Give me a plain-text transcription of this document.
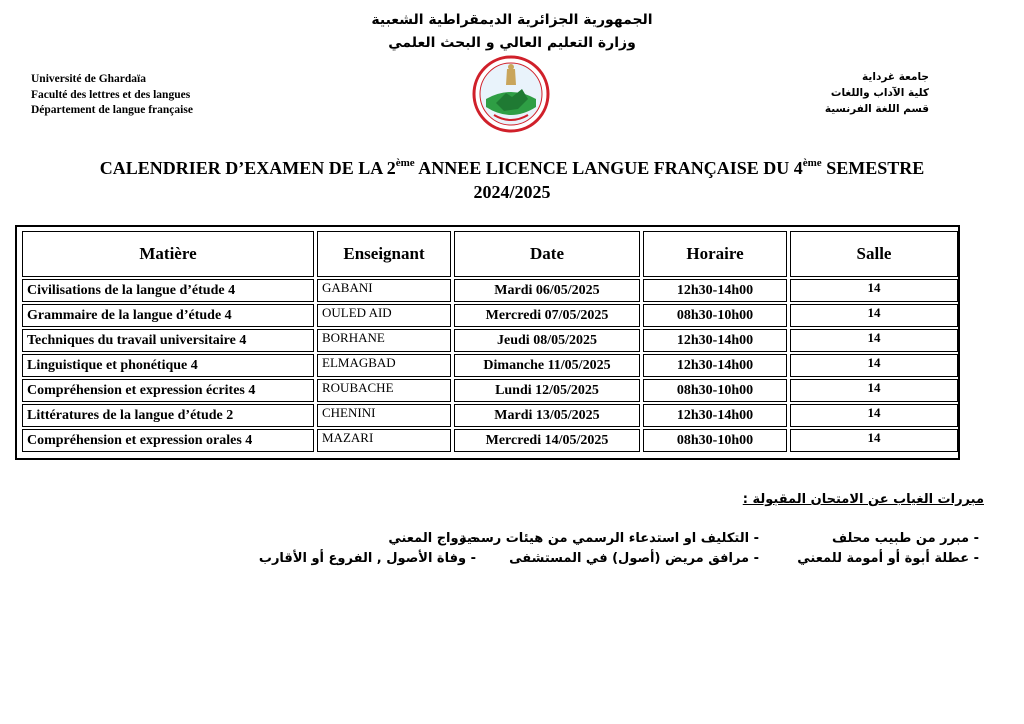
الجمهورية الجزائرية الديمقراطية الشعبية
وزارة التعليم العالي و البحث العلمي
Université de Ghardaïa
Faculté des lettres et des langues
Département de langue française
جامعة غرداية
كلية الآداب واللغات
قسم اللغة الفرنسية
CALENDRIER D’EXAMEN DE LA 2ème ANNEE LICENCE LANGUE FRANÇAISE DU 4ème SEMESTRE
2024/2025
Matière	Enseignant	Date	Horaire	Salle
Civilisations de la langue d’étude 4	GABANI	Mardi 06/05/2025	12h30-14h00	14
Grammaire de la langue d’étude 4	OULED AID	Mercredi 07/05/2025	08h30-10h00	14
Techniques du travail universitaire 4	BORHANE	Jeudi 08/05/2025	12h30-14h00	14
Linguistique et phonétique 4	ELMAGBAD	Dimanche 11/05/2025	12h30-14h00	14
Compréhension et expression écrites 4	ROUBACHE	Lundi 12/05/2025	08h30-10h00	14
Littératures de la langue d’étude 2	CHENINI	Mardi 13/05/2025	12h30-14h00	14
Compréhension et expression orales 4	MAZARI	Mercredi 14/05/2025	08h30-10h00	14
مبررات الغياب عن الامتحان المقبولة :
- مبرر من طبيب محلف
- التكليف او استدعاء الرسمي من هيئات رسمية
- زواج المعني
- عطلة أبوة أو أمومة للمعني
- مرافق مريض (أصول) في المستشفى
- وفاة الأصول , الفروع أو الأقارب
